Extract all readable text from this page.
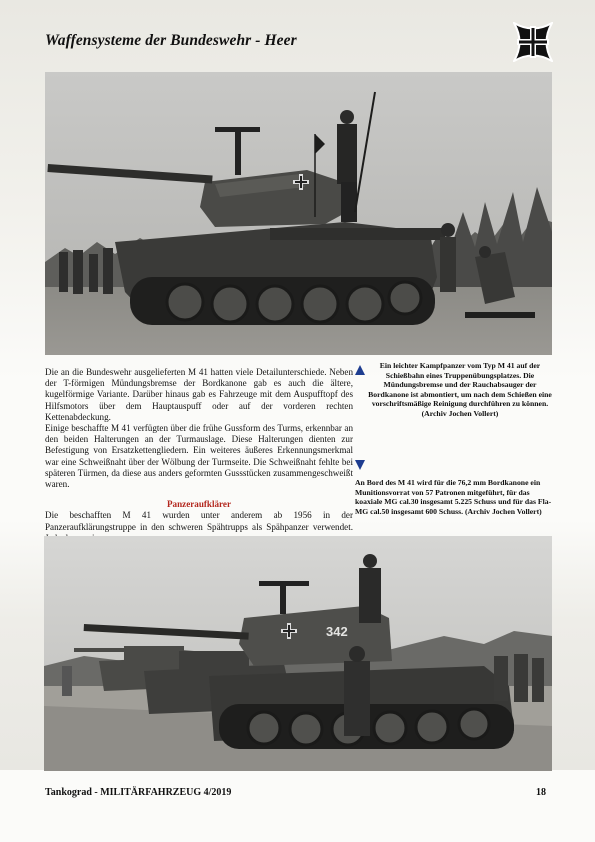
Waffensysteme der Bundeswehr - Heer

Die an die Bundeswehr ausgelieferten M 41 hatten viele Detailunterschiede. Neben der T-förmigen Mündungsbremse der Bordkanone gab es auch die ältere, kugelförmige Variante. Darüber hinaus gab es Fahrzeuge mit dem Auspufftopf des Hilfsmotors über dem Hauptauspuff oder auf der vorderen rechten Kettenabdeckung.

Einige beschaffte M 41 verfügten über die frühe Gussform des Turms, erkennbar an den beiden Halterungen an der Turmauslage. Diese Halterungen dienten zur Befestigung von Ersatzkettengliedern. Ein weiteres äußeres Erkennungsmerkmal war eine Schweißnaht über der Wölbung der Turmseite. Die Schweißnaht fehlte bei späteren Türmen, da diese aus anders geformten Gussstücken zusammengeschweißt waren.

Panzeraufklärer

Die beschafften M 41 wurden unter anderem ab 1956 in der Panzeraufklärungstruppe in den schweren Spähtrupps als Spähpanzer verwendet.

Ein leichter Kampfpanzer vom Typ M 41 auf der Schießbahn eines Truppenübungsplatzes. Die Mündungsbremse und der Rauchabsauger der Bordkanone ist abmontiert, um nach dem Schießen eine vorschriftsmäßige Reinigung durchführen zu können. (Archiv Jochen Vollert)
An Bord des M 41 wird für die 76,2 mm Bordkanone ein Munitionsvorrat von 57 Patronen mitgeführt, für das koaxiale MG cal.30 insgesamt 5.225 Schuss und für das Fla-MG cal.50 insgesamt 600 Schuss. (Archiv Jochen Vollert)
342
Tankograd - MILITÄRFAHRZEUG 4/2019	18
